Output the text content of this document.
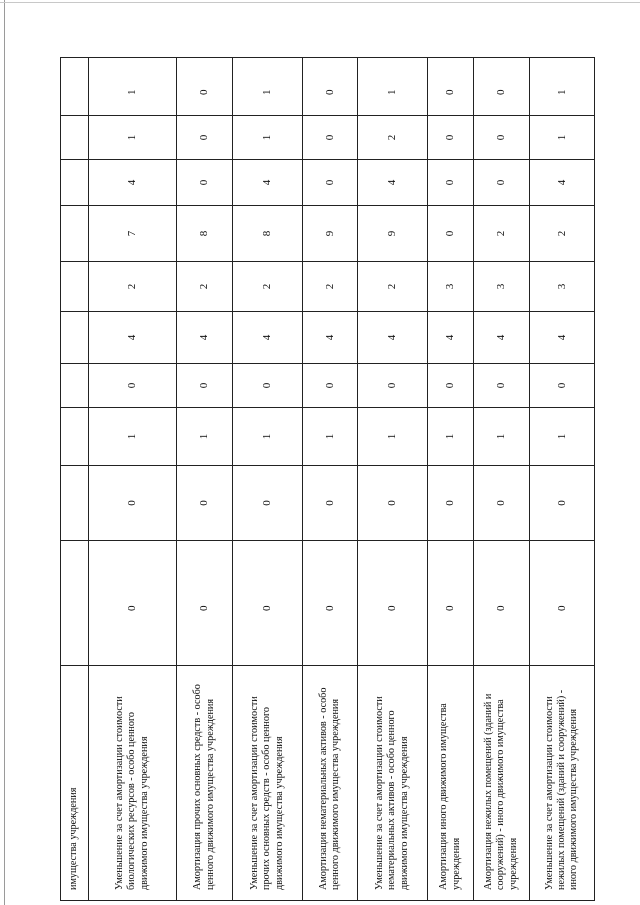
имущества учреждения										
Уменьшение за счет амортизации стоимости биологических ресурсов - особо ценного движимого имущества учреждения	0	0	1	0	4	2	7	4	1	1
Амортизация прочих основных средств - особо ценного движимого имущества учреждения	0	0	1	0	4	2	8	0	0	0
Уменьшение за счет амортизации стоимости прочих основных средств - особо ценного движимого имущества учреждения	0	0	1	0	4	2	8	4	1	1
Амортизация нематериальных активов - особо ценного движимого имущества учреждения	0	0	1	0	4	2	9	0	0	0
Уменьшение за счет амортизации стоимости нематериальных активов - особо ценного движимого имущества учреждения	0	0	1	0	4	2	9	4	2	1
Амортизация иного движимого имущества учреждения	0	0	1	0	4	3	0	0	0	0
Амортизация нежилых помещений (зданий и сооружений) - иного движимого имущества учреждения	0	0	1	0	4	3	2	0	0	0
Уменьшение за счет амортизации стоимости нежилых помещений (зданий и сооружений) - иного движимого имущества учреждения	0	0	1	0	4	3	2	4	1	1
